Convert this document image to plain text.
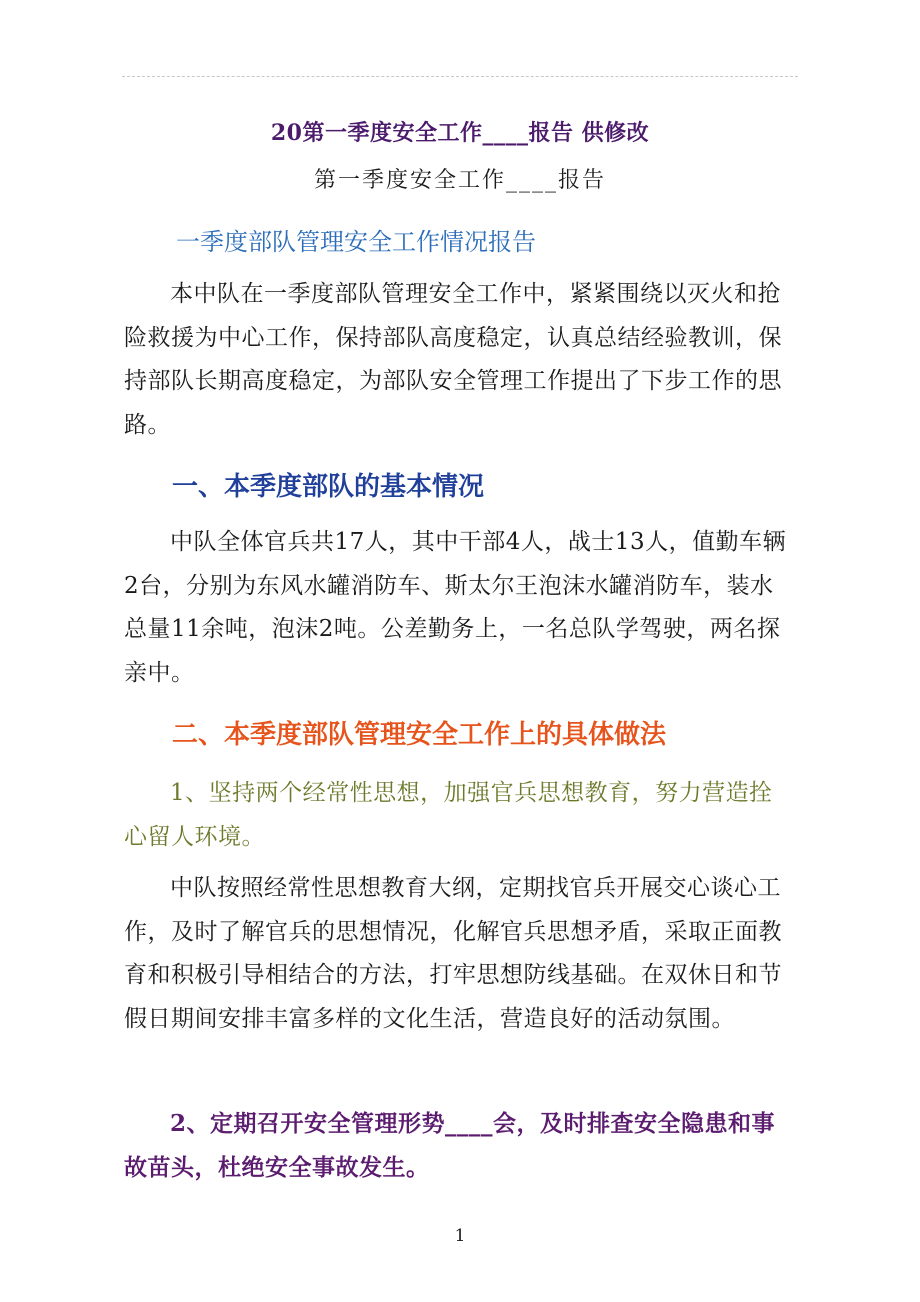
20第一季度安全工作____报告 供修改
第一季度安全工作____报告
一季度部队管理安全工作情况报告

本中队在一季度部队管理安全工作中，紧紧围绕以灭火和抢险救援为中心工作，保持部队高度稳定，认真总结经验教训，保持部队长期高度稳定，为部队安全管理工作提出了下步工作的思路。

一、本季度部队的基本情况

中队全体官兵共17人，其中干部4人，战士13人，值勤车辆2台，分别为东风水罐消防车、斯太尔王泡沫水罐消防车，装水总量11余吨，泡沫2吨。公差勤务上，一名总队学驾驶，两名探亲中。

二、本季度部队管理安全工作上的具体做法

1、坚持两个经常性思想，加强官兵思想教育，努力营造拴心留人环境。

中队按照经常性思想教育大纲，定期找官兵开展交心谈心工作，及时了解官兵的思想情况，化解官兵思想矛盾，采取正面教育和积极引导相结合的方法，打牢思想防线基础。在双休日和节假日期间安排丰富多样的文化生活，营造良好的活动氛围。

2、定期召开安全管理形势____会，及时排查安全隐患和事故苗头，杜绝安全事故发生。

1
